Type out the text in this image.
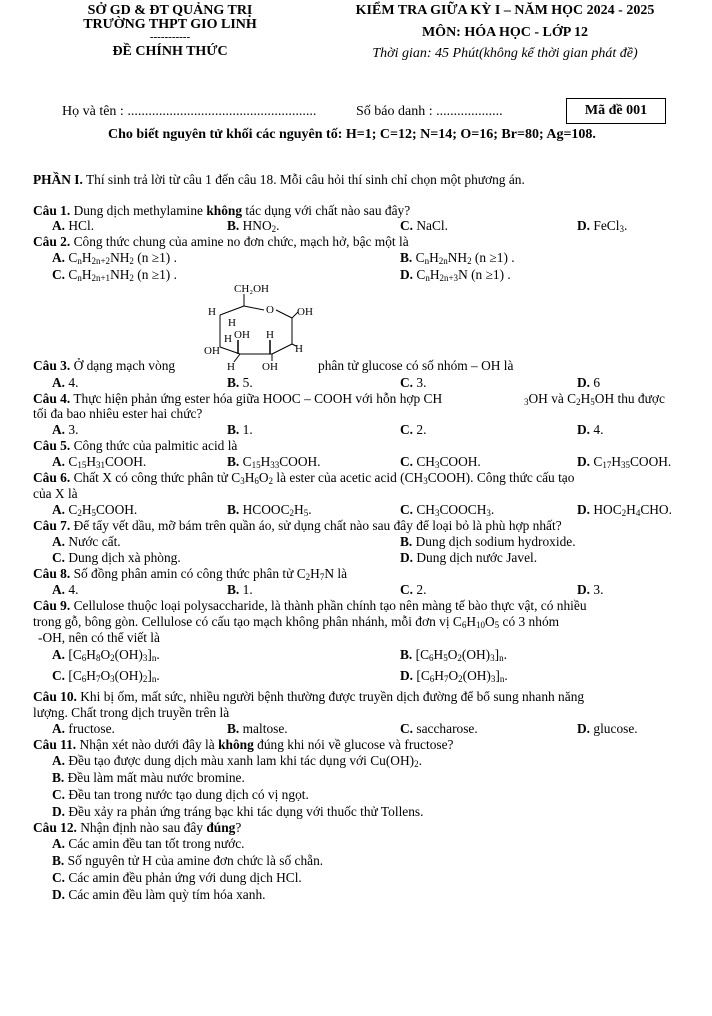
SỞ GD & ĐT QUẢNG TRỊ
TRƯỜNG THPT GIO LINH
-----------
ĐỀ CHÍNH THỨC
KIỂM TRA GIỮA KỲ I – NĂM HỌC 2024 - 2025
MÔN: HÓA HỌC - LỚP 12
Thời gian: 45 Phút(không kể thời gian phát đề)
Họ và tên : ......................................................	Số báo danh : ...................	Mã đề 001
Cho biết nguyên tử khối các nguyên tố: H=1; C=12; N=14; O=16; Br=80; Ag=108.
PHẦN I. Thí sinh trả lời từ câu 1 đến câu 18. Mỗi câu hỏi thí sinh chỉ chọn một phương án.
Câu 1. Dung dịch methylamine không tác dụng với chất nào sau đây?
A. HCl.	B. $HNO_2$.	C. NaCl.	D. FeCl$_3$.
Câu 2. Công thức chung của amine no đơn chức, mạch hở, bậc một là
A. $C_nH_{2n+2}NH_2$ (n ≥1) .	B. $C_nH_{2n}NH_2$ (n ≥1) .
C. $C_nH_{2n+1}NH_2$ (n ≥1) .	D. $C_nH_{2n+3}N$ (n ≥1) .
CH₂OH
H	O OH
H
OH H
OH
H
H
H OH
Câu 3. Ở dạng mạch vòng	phân tử glucose có số nhóm – OH là
A. 4.	B. 5.	C. 3.	D. 6
Câu 4. Thực hiện phản ứng ester hóa giữa HOOC – COOH với hỗn hợp CH	$_3$OH và $C_2H_5OH$ thu được
tối đa bao nhiêu ester hai chức?
A. 3.	B. 1.	C. 2.	D. 4.
Câu 5. Công thức của palmitic acid là
A. $C_{15}H_{31}COOH$.	B. $C_{15}H_{33}COOH$.	C. $CH_3COOH$.	D. $C_{17}H_{35}COOH$.
Câu 6. Chất X có công thức phân tử $C_3H_6O_2$ là ester của acetic acid $(CH_3COOH)$. Công thức cấu tạo
của X là
A. $C_2H_5COOH$.	B. $HCOOC_2H_5$.	C. $CH_3COOCH_3$.	D. $HOC_2H_4CHO$.
Câu 7. Để tẩy vết dầu, mỡ bám trên quần áo, sử dụng chất nào sau đây để loại bỏ là phù hợp nhất?
A. Nước cất.	B. Dung dịch sodium hydroxide.
C. Dung dịch xà phòng.	D. Dung dịch nước Javel.
Câu 8. Số đồng phân amin có công thức phân tử $C_2H_7N$ là
A. 4.	B. 1.	C. 2.	D. 3.
Câu 9. Cellulose thuộc loại polysaccharide, là thành phần chính tạo nên màng tế bào thực vật, có nhiều
trong gỗ, bông gòn. Cellulose có cấu tạo mạch không phân nhánh, mỗi đơn vị $C_6H_{10}O_5$ có 3 nhóm
-OH, nên có thể viết là
A. $[C_6H_8O_2(OH)_3]_n$.	B. $[C_6H_5O_2(OH)_3]_n$.
C. $[C_6H_7O_3(OH)_2]_n$.	D. $[C_6H_7O_2(OH)_3]_n$.
Câu 10. Khi bị ốm, mất sức, nhiều người bệnh thường được truyền dịch đường để bổ sung nhanh năng
lượng. Chất trong dịch truyền trên là
A. fructose.	B. maltose.	C. saccharose.	D. glucose.
Câu 11. Nhận xét nào dưới đây là không đúng khi nói về glucose và fructose?
A. Đều tạo được dung dịch màu xanh lam khi tác dụng với $Cu(OH)_2$.
B. Đều làm mất màu nước bromine.
C. Đều tan trong nước tạo dung dịch có vị ngọt.
D. Đều xảy ra phản ứng tráng bạc khi tác dụng với thuốc thử Tollens.
Câu 12. Nhận định nào sau đây đúng?
A. Các amin đều tan tốt trong nước.
B. Số nguyên tử H của amine đơn chức là số chẵn.
C. Các amin đều phản ứng với dung dịch HCl.
D. Các amin đều làm quỳ tím hóa xanh.
